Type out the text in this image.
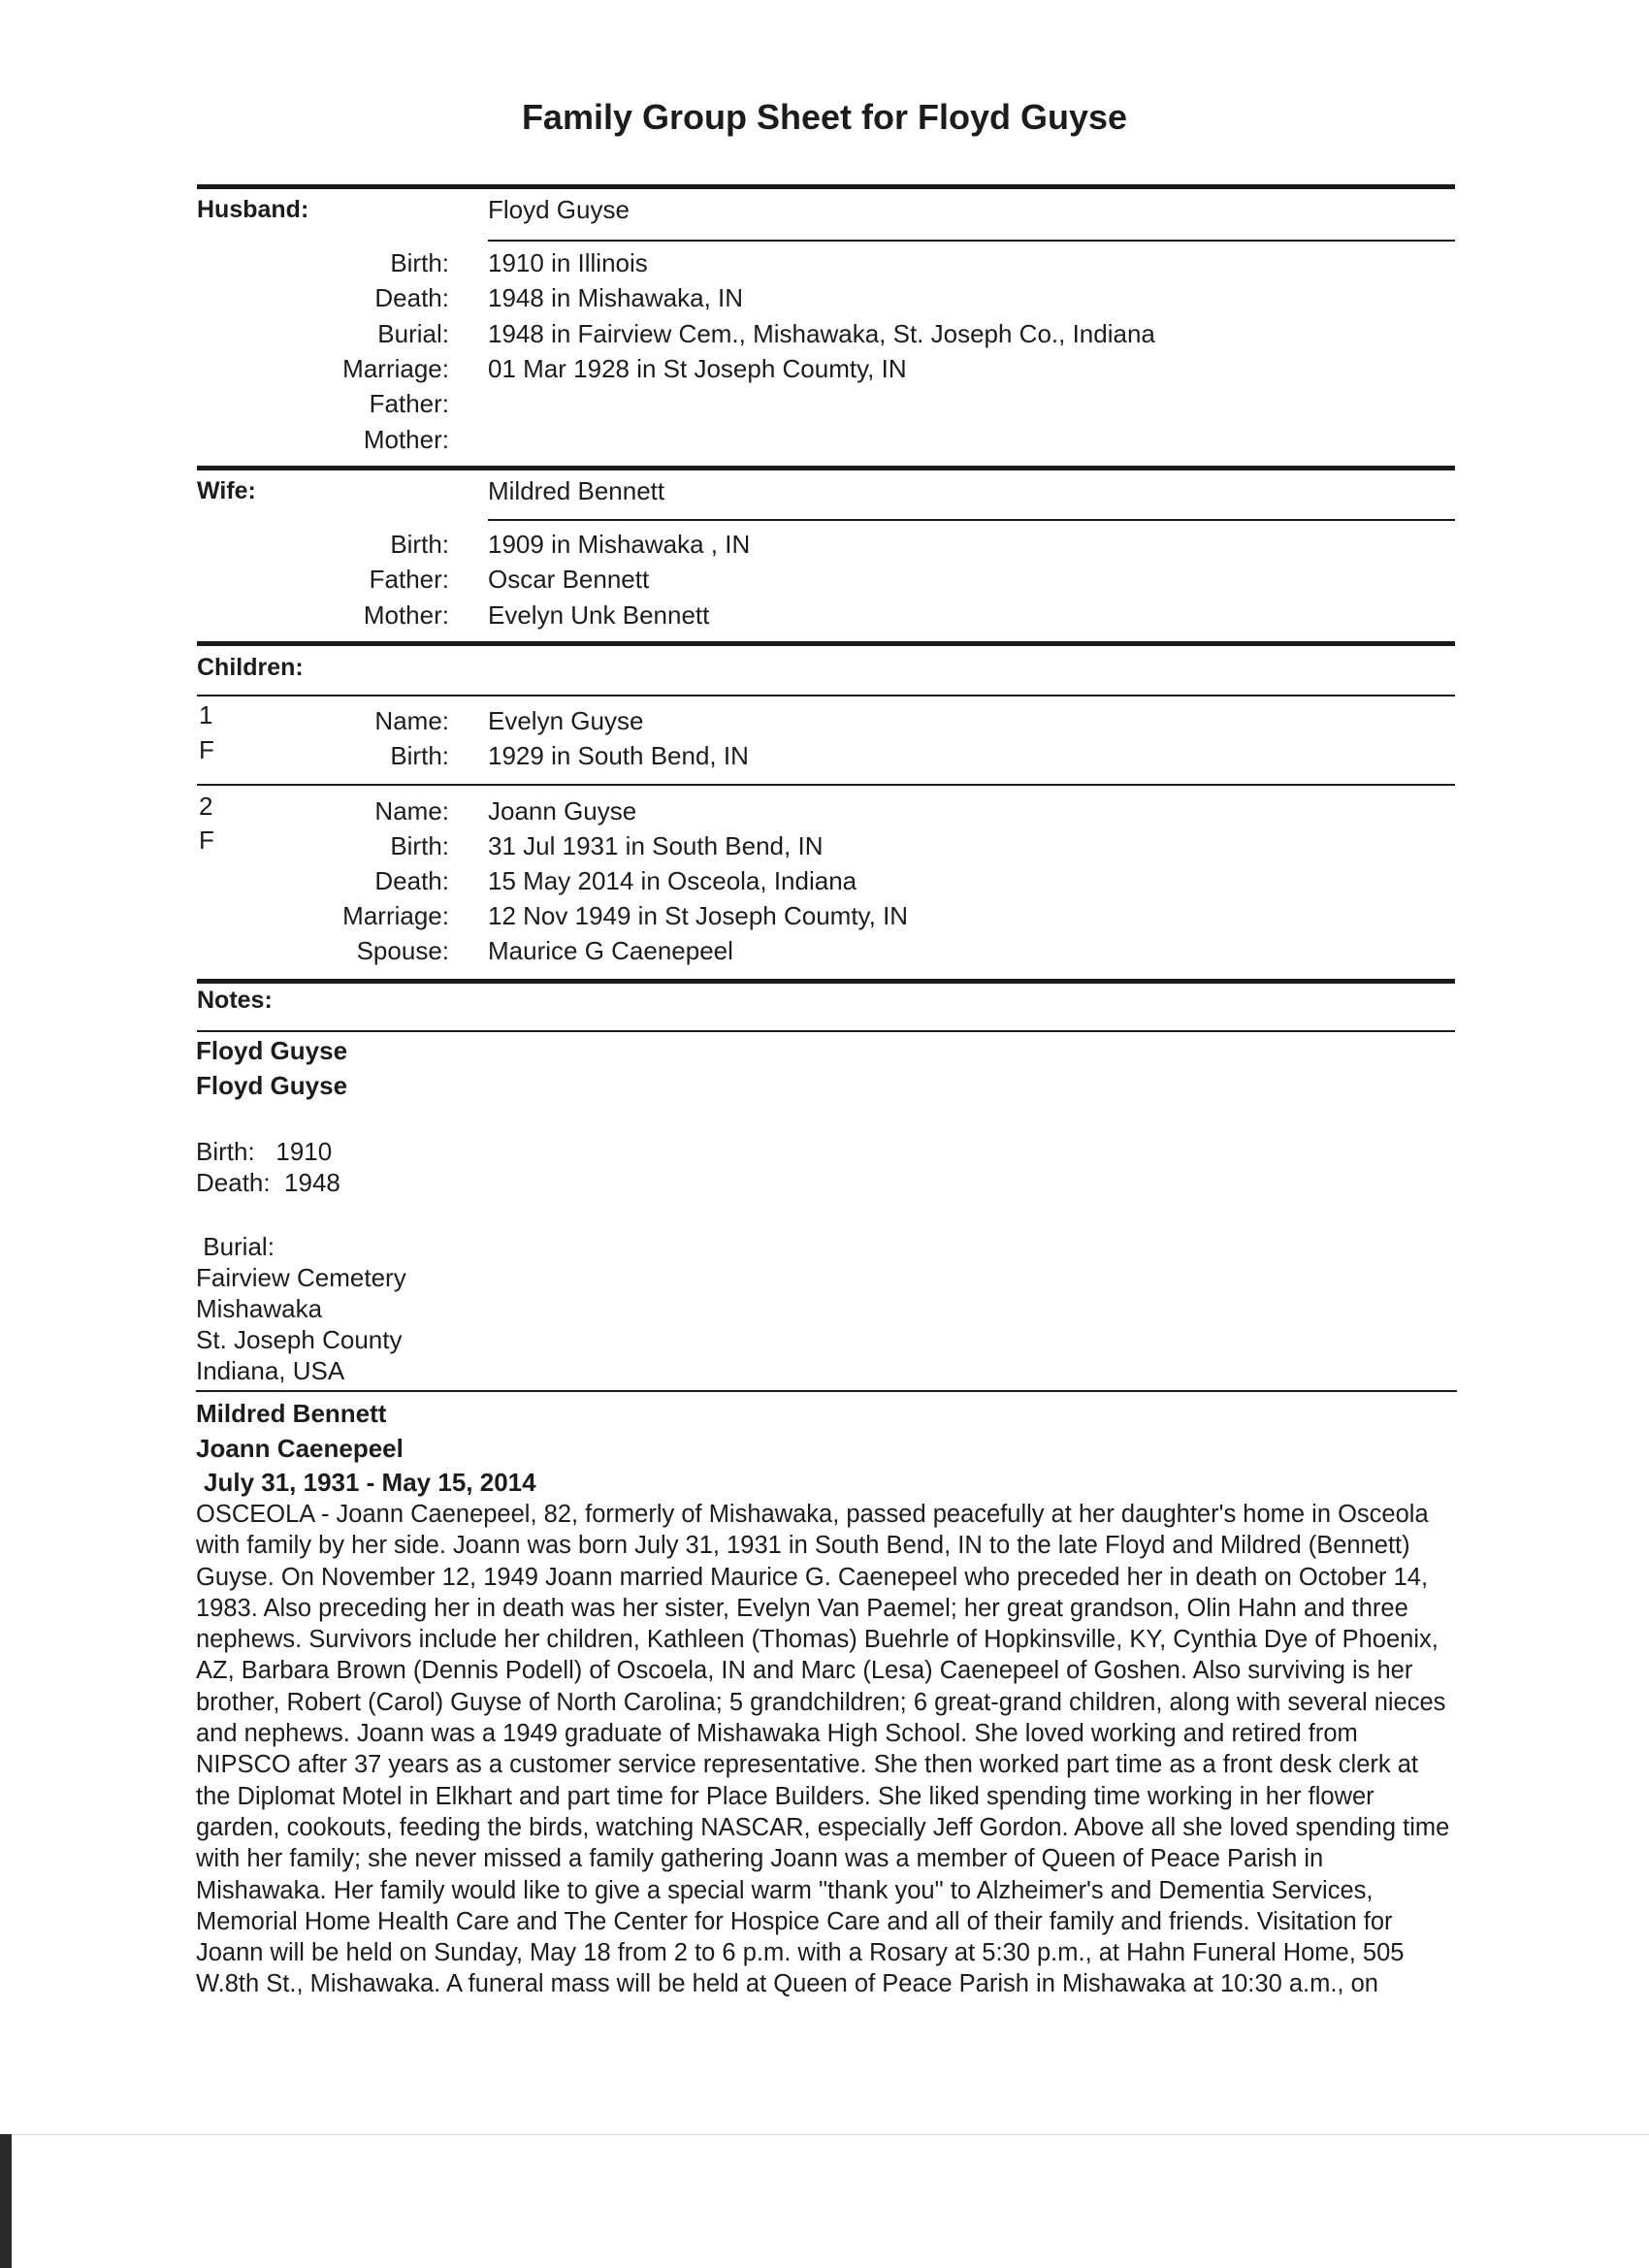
Family Group Sheet for Floyd Guyse
Husband:	Floyd Guyse
Birth: 1910 in Illinois
Death: 1948 in Mishawaka, IN
Burial: 1948 in Fairview Cem., Mishawaka, St. Joseph Co., Indiana
Marriage: 01 Mar 1928 in St Joseph Coumty, IN
Father:
Mother:
Wife:	Mildred Bennett
Birth: 1909 in Mishawaka , IN
Father: Oscar Bennett
Mother: Evelyn Unk Bennett
Children:
1
F
Name: Evelyn Guyse
Birth: 1929 in South Bend, IN
2
F
Name: Joann Guyse
Birth: 31 Jul 1931 in South Bend, IN
Death: 15 May 2014 in Osceola, Indiana
Marriage: 12 Nov 1949 in St Joseph Coumty, IN
Spouse: Maurice G Caenepeel
Notes:
Floyd Guyse
Floyd Guyse
Birth:   1910
Death:  1948
Burial:
Fairview Cemetery
Mishawaka
St. Joseph County
Indiana, USA
Mildred Bennett
Joann Caenepeel
July 31, 1931 - May 15, 2014
OSCEOLA - Joann Caenepeel, 82, formerly of Mishawaka, passed peacefully at her daughter's home in Osceola with family by her side. Joann was born July 31, 1931 in South Bend, IN to the late Floyd and Mildred (Bennett) Guyse. On November 12, 1949 Joann married Maurice G. Caenepeel who preceded her in death on October 14, 1983. Also preceding her in death was her sister, Evelyn Van Paemel; her great grandson, Olin Hahn and three nephews. Survivors include her children, Kathleen (Thomas) Buehrle of Hopkinsville, KY, Cynthia Dye of Phoenix, AZ, Barbara Brown (Dennis Podell) of Oscoela, IN and Marc (Lesa) Caenepeel of Goshen. Also surviving is her brother, Robert (Carol) Guyse of North Carolina; 5 grandchildren; 6 great-grand children, along with several nieces and nephews. Joann was a 1949 graduate of Mishawaka High School. She loved working and retired from NIPSCO after 37 years as a customer service representative. She then worked part time as a front desk clerk at the Diplomat Motel in Elkhart and part time for Place Builders. She liked spending time working in her flower garden, cookouts, feeding the birds, watching NASCAR, especially Jeff Gordon. Above all she loved spending time with her family; she never missed a family gathering Joann was a member of Queen of Peace Parish in Mishawaka. Her family would like to give a special warm "thank you" to Alzheimer's and Dementia Services, Memorial Home Health Care and The Center for Hospice Care and all of their family and friends. Visitation for Joann will be held on Sunday, May 18 from 2 to 6 p.m. with a Rosary at 5:30 p.m., at Hahn Funeral Home, 505 W.8th St., Mishawaka. A funeral mass will be held at Queen of Peace Parish in Mishawaka at 10:30 a.m., on
